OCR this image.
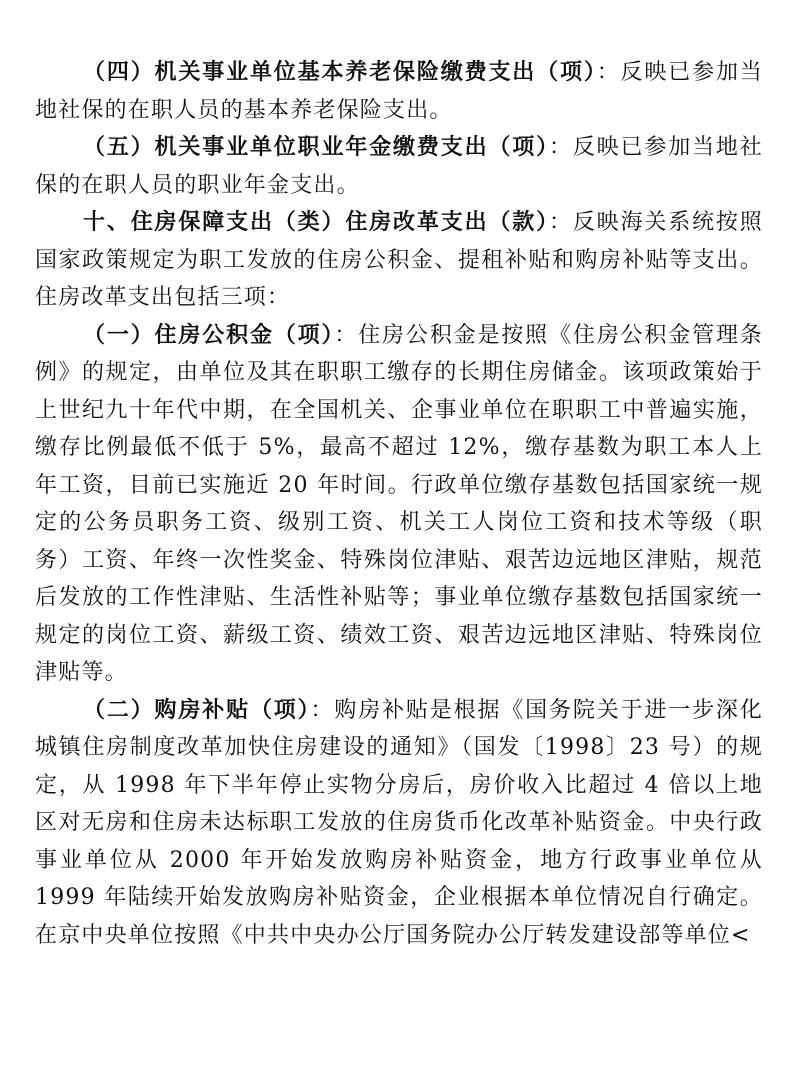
（四）机关事业单位基本养老保险缴费支出（项）：反映已参加当地社保的在职人员的基本养老保险支出。

（五）机关事业单位职业年金缴费支出（项）：反映已参加当地社保的在职人员的职业年金支出。

十、住房保障支出（类）住房改革支出（款）：反映海关系统按照国家政策规定为职工发放的住房公积金、提租补贴和购房补贴等支出。住房改革支出包括三项：

（一）住房公积金（项）：住房公积金是按照《住房公积金管理条例》的规定，由单位及其在职职工缴存的长期住房储金。该项政策始于上世纪九十年代中期，在全国机关、企事业单位在职职工中普遍实施，缴存比例最低不低于 5%，最高不超过 12%，缴存基数为职工本人上年工资，目前已实施近 20 年时间。行政单位缴存基数包括国家统一规定的公务员职务工资、级别工资、机关工人岗位工资和技术等级（职务）工资、年终一次性奖金、特殊岗位津贴、艰苦边远地区津贴，规范后发放的工作性津贴、生活性补贴等；事业单位缴存基数包括国家统一规定的岗位工资、薪级工资、绩效工资、艰苦边远地区津贴、特殊岗位津贴等。

（二）购房补贴（项）：购房补贴是根据《国务院关于进一步深化城镇住房制度改革加快住房建设的通知》（国发〔1998〕23 号）的规定，从 1998 年下半年停止实物分房后，房价收入比超过 4 倍以上地区对无房和住房未达标职工发放的住房货币化改革补贴资金。中央行政事业单位从 2000 年开始发放购房补贴资金，地方行政事业单位从 1999 年陆续开始发放购房补贴资金，企业根据本单位情况自行确定。在京中央单位按照《中共中央办公厅国务院办公厅转发建设部等单位<
